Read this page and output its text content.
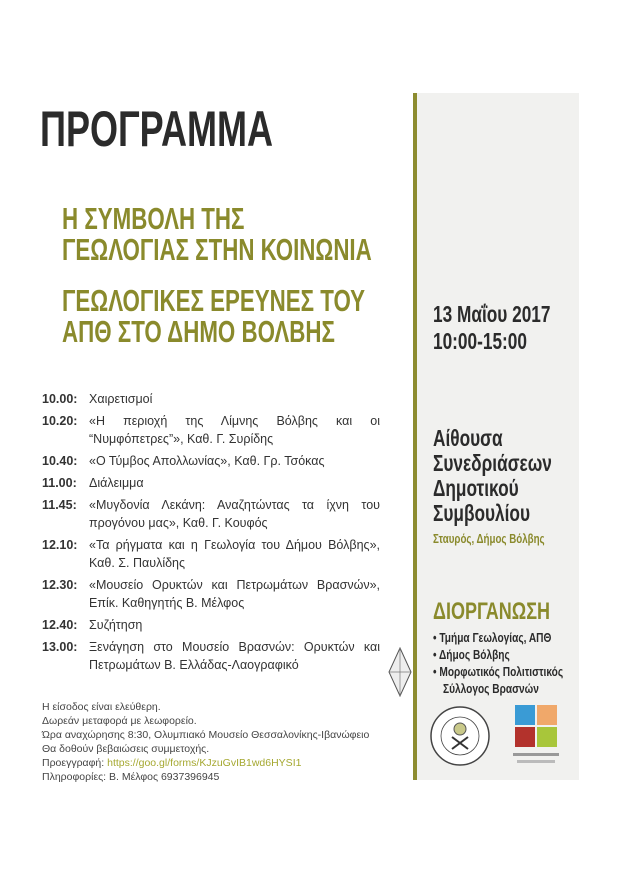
ΠΡΟΓΡΑΜΜΑ
Η ΣΥΜΒΟΛΗ ΤΗΣ
ΓΕΩΛΟΓΙΑΣ ΣΤΗΝ ΚΟΙΝΩΝΙΑ
ΓΕΩΛΟΓΙΚΕΣ ΕΡΕΥΝΕΣ ΤΟΥ
ΑΠΘ ΣΤΟ ΔΗΜΟ ΒΟΛΒΗΣ
10.00: Χαιρετισμοί
10.20: «Η περιοχή της Λίμνης Βόλβης και οι “Νυμφόπετρες”», Καθ. Γ. Συρίδης
10.40: «Ο Τύμβος Απολλωνίας», Καθ. Γρ. Τσόκας
11.00: Διάλειμμα
11.45: «Μυγδονία Λεκάνη: Αναζητώντας τα ίχνη του προγόνου μας», Καθ. Γ. Κουφός
12.10: «Τα ρήγματα και η Γεωλογία του Δήμου Βόλβης», Καθ. Σ. Παυλίδης
12.30: «Μουσείο Ορυκτών και Πετρωμάτων Βρασνών», Επίκ. Καθηγητής Β. Μέλφος
12.40: Συζήτηση
13.00: Ξενάγηση στο Μουσείο Βρασνών: Ορυκτών και Πετρωμάτων Β. Ελλάδας-Λαογραφικό
Η είσοδος είναι ελεύθερη.
Δωρεάν μεταφορά με λεωφορείο.
Ώρα αναχώρησης 8:30, Ολυμπιακό Μουσείο Θεσσαλονίκης-Ιβανώφειο
Θα δοθούν βεβαιώσεις συμμετοχής.
Προεγγραφή: https://goo.gl/forms/KJzuGvIB1wd6HYSI1
Πληροφορίες: Β. Μέλφος 6937396945
13 Μαΐου 2017
10:00-15:00
Αίθουσα
Συνεδριάσεων
Δημοτικού
Συμβουλίου
Σταυρός, Δήμος Βόλβης
ΔΙΟΡΓΑΝΩΣΗ
• Τμήμα Γεωλογίας, ΑΠΘ
• Δήμος Βόλβης
• Μορφωτικός Πολιτιστικός
Σύλλογος Βρασνών
